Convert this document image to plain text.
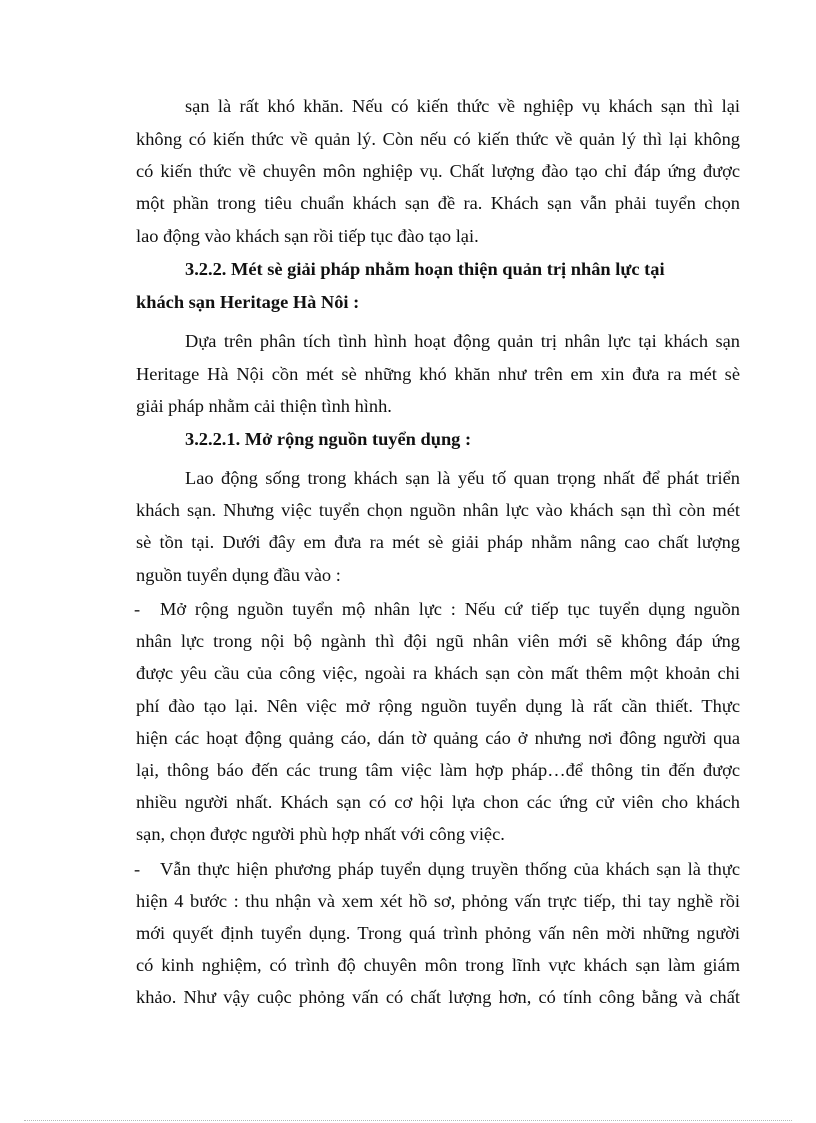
sạn là rất khó khăn. Nếu có kiến thức về nghiệp vụ khách sạn thì lại
không có kiến thức về quản lý. Còn nếu có kiến thức về quản lý thì lại không
có kiến thức về chuyên môn nghiệp vụ. Chất lượng đào tạo chỉ đáp ứng được
một phần trong tiêu chuẩn khách sạn đề ra. Khách sạn vẫn phải tuyển chọn
lao động vào khách sạn rồi tiếp tục đào tạo lại.
3.2.2. Mét sè giải pháp nhằm hoạn thiện quản trị nhân lực tại
khách sạn Heritage Hà Nôi :
Dựa trên phân tích tình hình hoạt động quản trị nhân lực tại khách sạn
Heritage Hà Nội cồn mét sè những khó khăn như trên em xin đưa ra mét sè
giải pháp nhằm cải thiện tình hình.
3.2.2.1. Mở rộng nguồn tuyển dụng :
Lao động sống trong khách sạn là yếu tố quan trọng nhất để phát triển
khách sạn. Nhưng việc tuyển chọn nguồn nhân lực vào khách sạn thì còn mét
sè tồn tại. Dưới đây em đưa ra mét sè giải pháp nhằm nâng cao chất lượng
nguồn tuyển dụng đầu vào :
- Mở rộng nguồn tuyển mộ nhân lực : Nếu cứ tiếp tục tuyển dụng nguồn
nhân lực trong nội bộ ngành thì đội ngũ nhân viên mới sẽ không đáp ứng
được yêu cầu của công việc, ngoài ra khách sạn còn mất thêm một khoản chi
phí đào tạo lại. Nên việc mở rộng nguồn tuyển dụng là rất cần thiết. Thực
hiện các hoạt động quảng cáo, dán tờ quảng cáo ở nhưng nơi đông người qua
lại, thông báo đến các trung tâm việc làm hợp pháp…để thông tin đến được
nhiều người nhất. Khách sạn có cơ hội lựa chon các ứng cử viên cho khách
sạn, chọn được người phù hợp nhất với công việc.
- Vẫn thực hiện phương pháp tuyển dụng truyền thống của khách sạn là thực
hiện 4 bước : thu nhận và xem xét hồ sơ, phỏng vấn trực tiếp, thi tay nghề rồi
mới quyết định tuyển dụng. Trong quá trình phỏng vấn nên mời những người
có kinh nghiệm, có trình độ chuyên môn trong lĩnh vực khách sạn làm giám
khảo. Như vậy cuộc phỏng vấn có chất lượng hơn, có tính công bằng và chất
